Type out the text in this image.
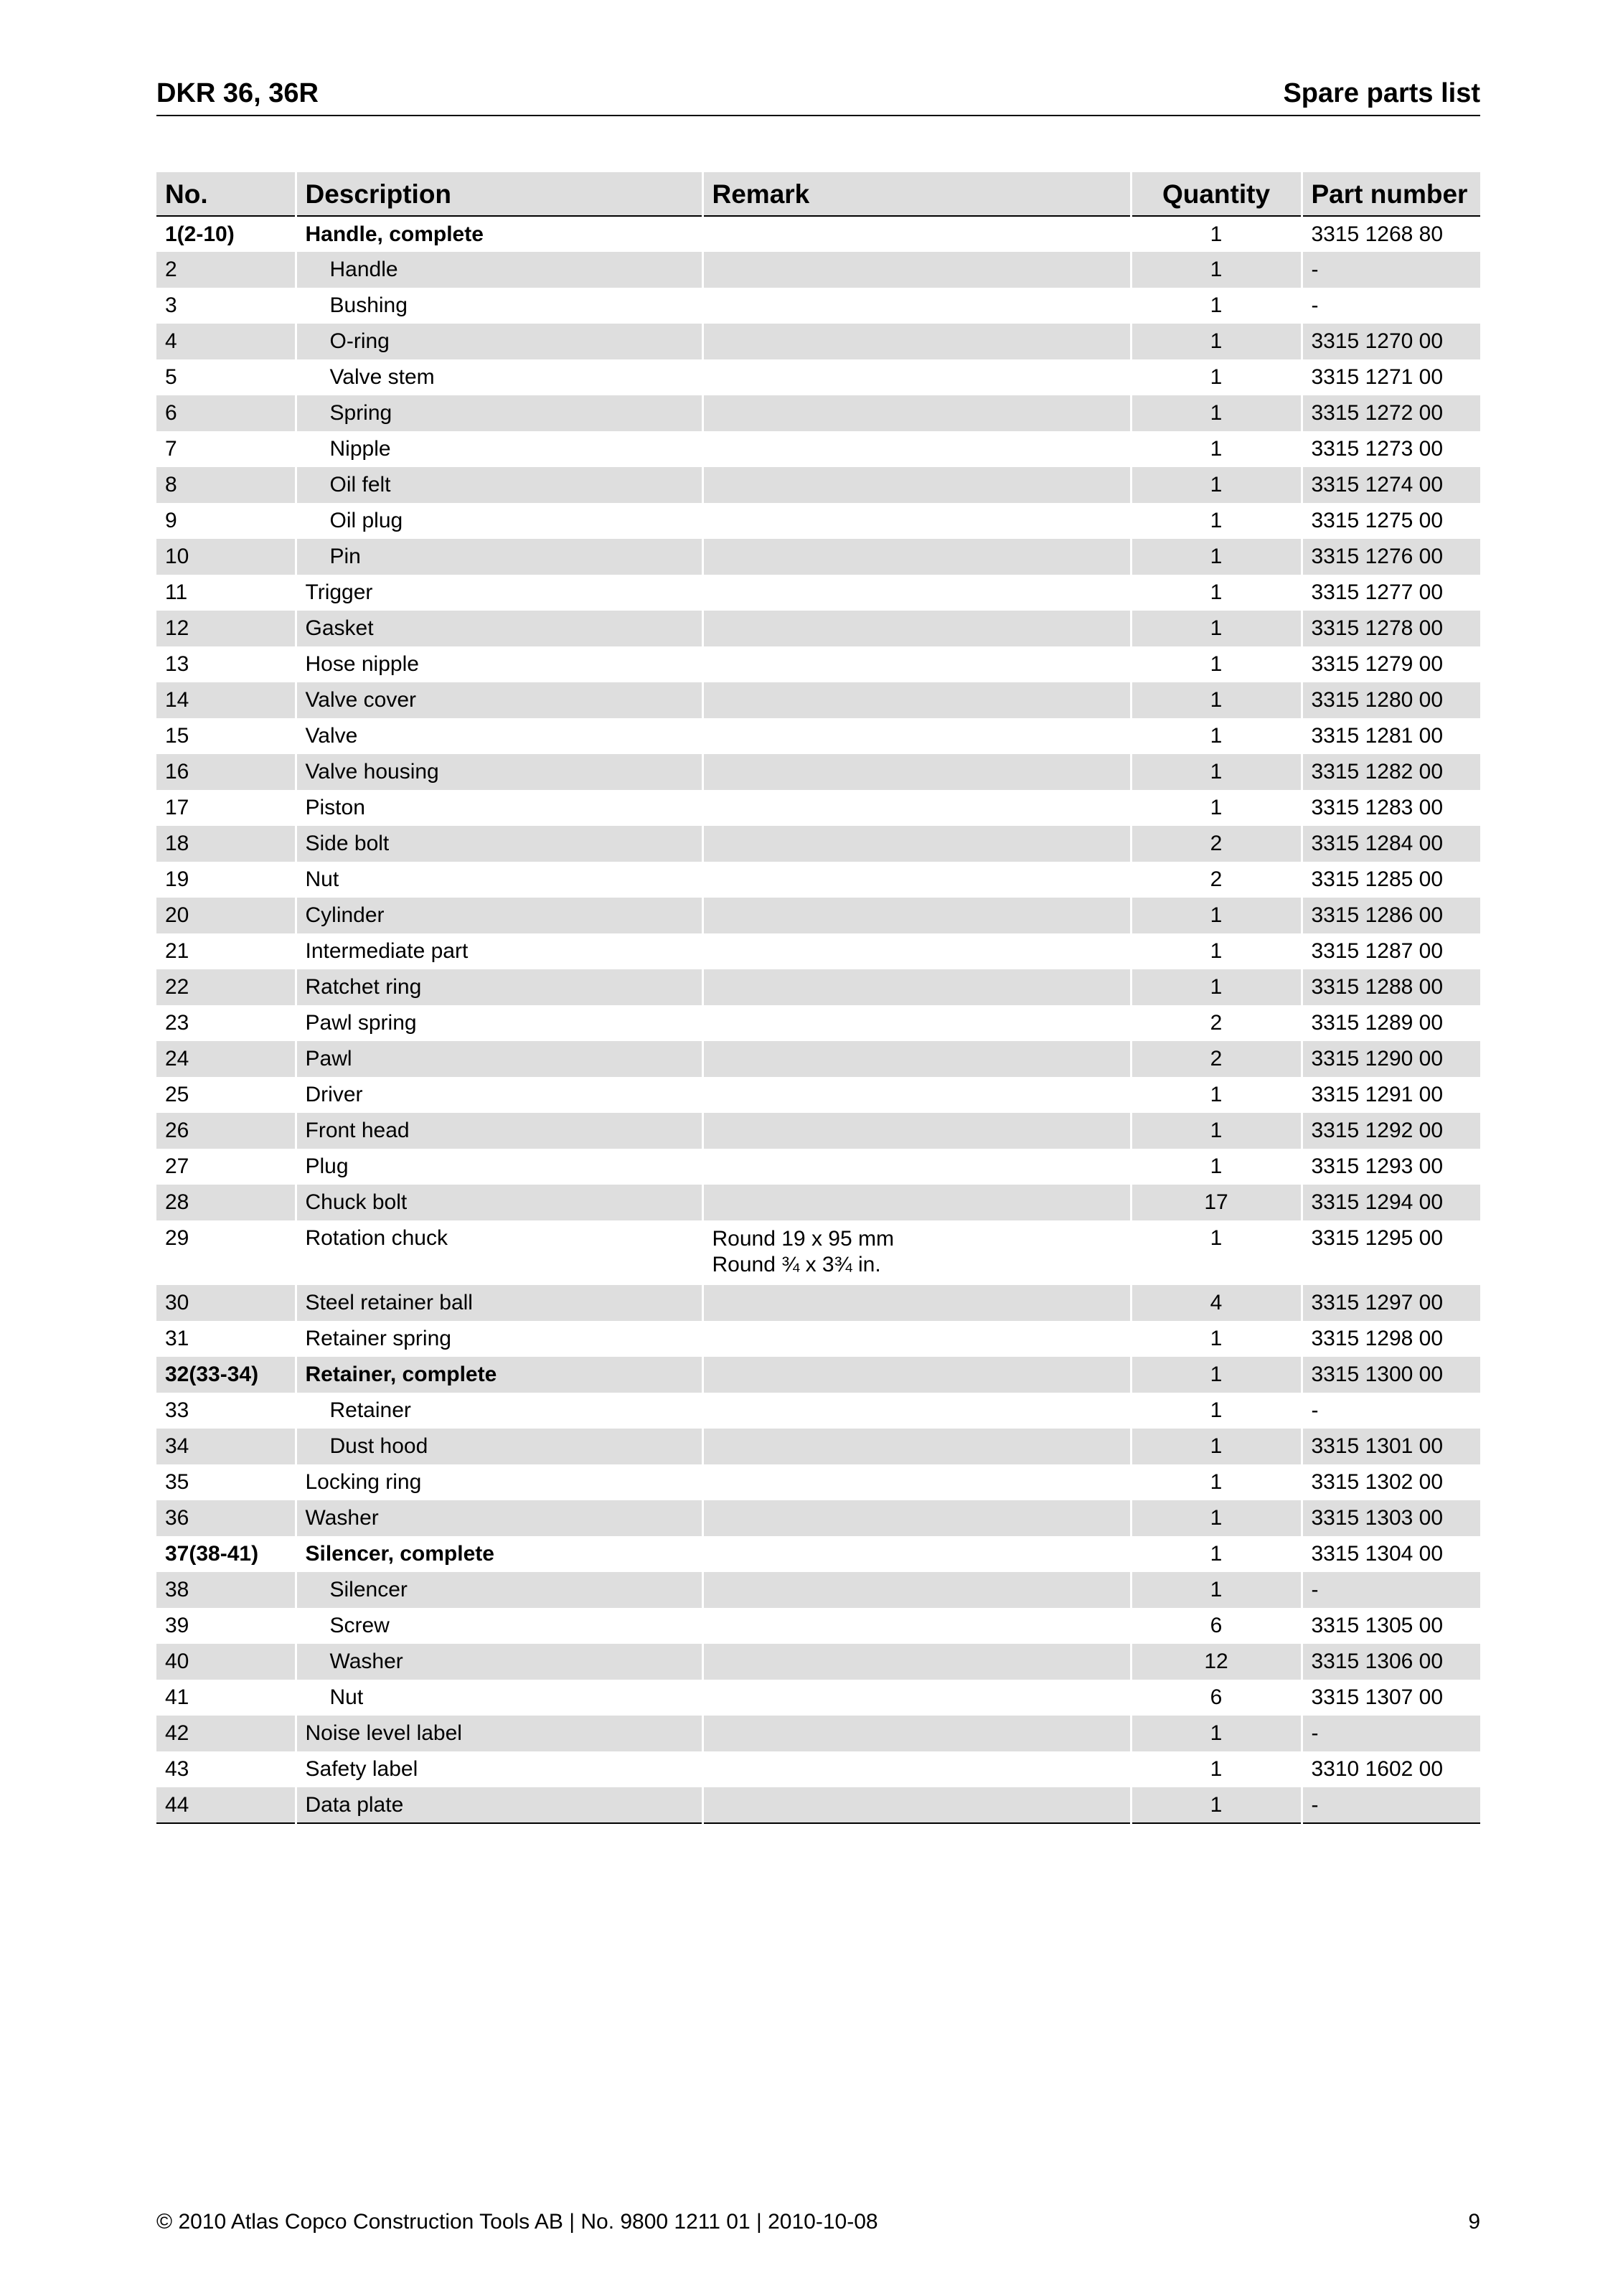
DKR 36, 36R	Spare parts list
No.	Description	Remark	Quantity	Part number
1(2-10)	Handle, complete		1	3315 1268 80
2	Handle		1	-
3	Bushing		1	-
4	O-ring		1	3315 1270 00
5	Valve stem		1	3315 1271 00
6	Spring		1	3315 1272 00
7	Nipple		1	3315 1273 00
8	Oil felt		1	3315 1274 00
9	Oil plug		1	3315 1275 00
10	Pin		1	3315 1276 00
11	Trigger		1	3315 1277 00
12	Gasket		1	3315 1278 00
13	Hose nipple		1	3315 1279 00
14	Valve cover		1	3315 1280 00
15	Valve		1	3315 1281 00
16	Valve housing		1	3315 1282 00
17	Piston		1	3315 1283 00
18	Side bolt		2	3315 1284 00
19	Nut		2	3315 1285 00
20	Cylinder		1	3315 1286 00
21	Intermediate part		1	3315 1287 00
22	Ratchet ring		1	3315 1288 00
23	Pawl spring		2	3315 1289 00
24	Pawl		2	3315 1290 00
25	Driver		1	3315 1291 00
26	Front head		1	3315 1292 00
27	Plug		1	3315 1293 00
28	Chuck bolt		17	3315 1294 00
29	Rotation chuck	Round 19 x 95 mm
Round ¾ x 3¾ in.	1	3315 1295 00
30	Steel retainer ball		4	3315 1297 00
31	Retainer spring		1	3315 1298 00
32(33-34)	Retainer, complete		1	3315 1300 00
33	Retainer		1	-
34	Dust hood		1	3315 1301 00
35	Locking ring		1	3315 1302 00
36	Washer		1	3315 1303 00
37(38-41)	Silencer, complete		1	3315 1304 00
38	Silencer		1	-
39	Screw		6	3315 1305 00
40	Washer		12	3315 1306 00
41	Nut		6	3315 1307 00
42	Noise level label		1	-
43	Safety label		1	3310 1602 00
44	Data plate		1	-
© 2010 Atlas Copco Construction Tools AB | No. 9800 1211 01 | 2010-10-08	9
